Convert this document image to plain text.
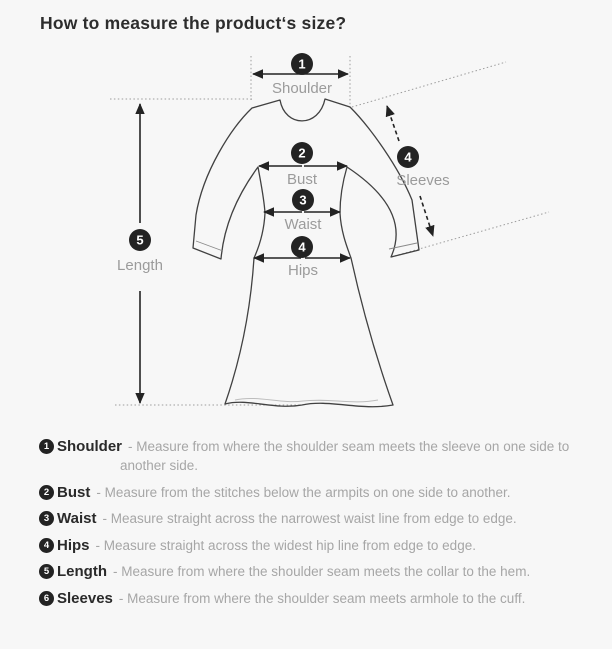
How to measure the product‘s size?
1
2
3
4
5
4
Shoulder
Bust
Waist
Hips
Length
Sleeves
1 Shoulder - Measure from where the shoulder seam meets the sleeve on one side to another side.
2 Bust - Measure from the stitches below the armpits on one side to another.
3 Waist - Measure straight across the narrowest waist line from edge to edge.
4 Hips - Measure straight across the widest hip line from edge to edge.
5 Length - Measure from where the shoulder seam meets the collar to the hem.
6 Sleeves - Measure from where the shoulder seam meets armhole to the cuff.
